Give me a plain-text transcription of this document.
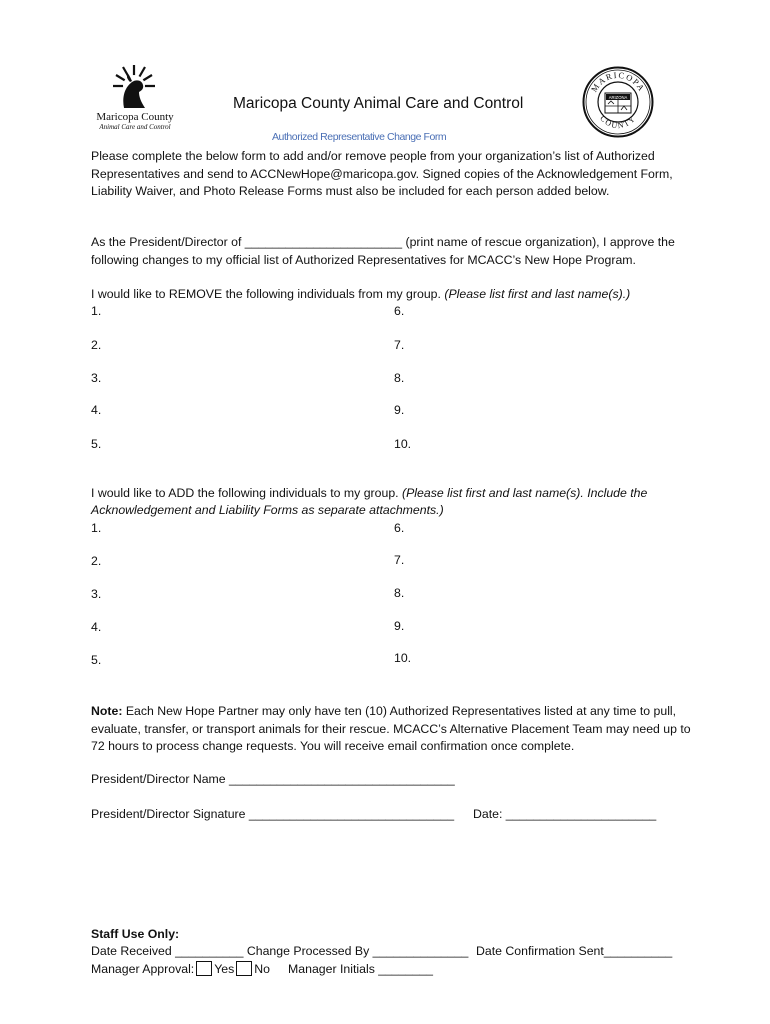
Maricopa County
Animal Care and Control
MARICOPA
COUNTY
ARIZONA
Maricopa County Animal Care and Control
Authorized Representative Change Form
Please complete the below form to add and/or remove people from your organization’s list of Authorized Representatives and send to ACCNewHope@maricopa.gov. Signed copies of the Acknowledgement Form, Liability Waiver, and Photo Release Forms must also be included for each person added below.
As the President/Director of _______________________ (print name of rescue organization), I approve the following changes to my official list of Authorized Representatives for MCACC’s New Hope Program.
I would like to REMOVE the following individuals from my group. (Please list first and last name(s).)
1.
2.
3.
4.
5.
6.
7.
8.
9.
10.
I would like to ADD the following individuals to my group. (Please list first and last name(s). Include the
Acknowledgement and Liability Forms as separate attachments.)
1.
2.
3.
4.
5.
6.
7.
8.
9.
10.
Note: Each New Hope Partner may only have ten (10) Authorized Representatives listed at any time to pull, evaluate, transfer, or transport animals for their rescue. MCACC’s Alternative Placement Team may need up to 72 hours to process change requests. You will receive email confirmation once complete.
President/Director Name _________________________________
President/Director Signature ______________________________ Date: ______________________
Staff Use Only:
Date Received __________ Change Processed By ______________ Date Confirmation Sent__________
Manager Approval: Yes No Manager Initials ________
